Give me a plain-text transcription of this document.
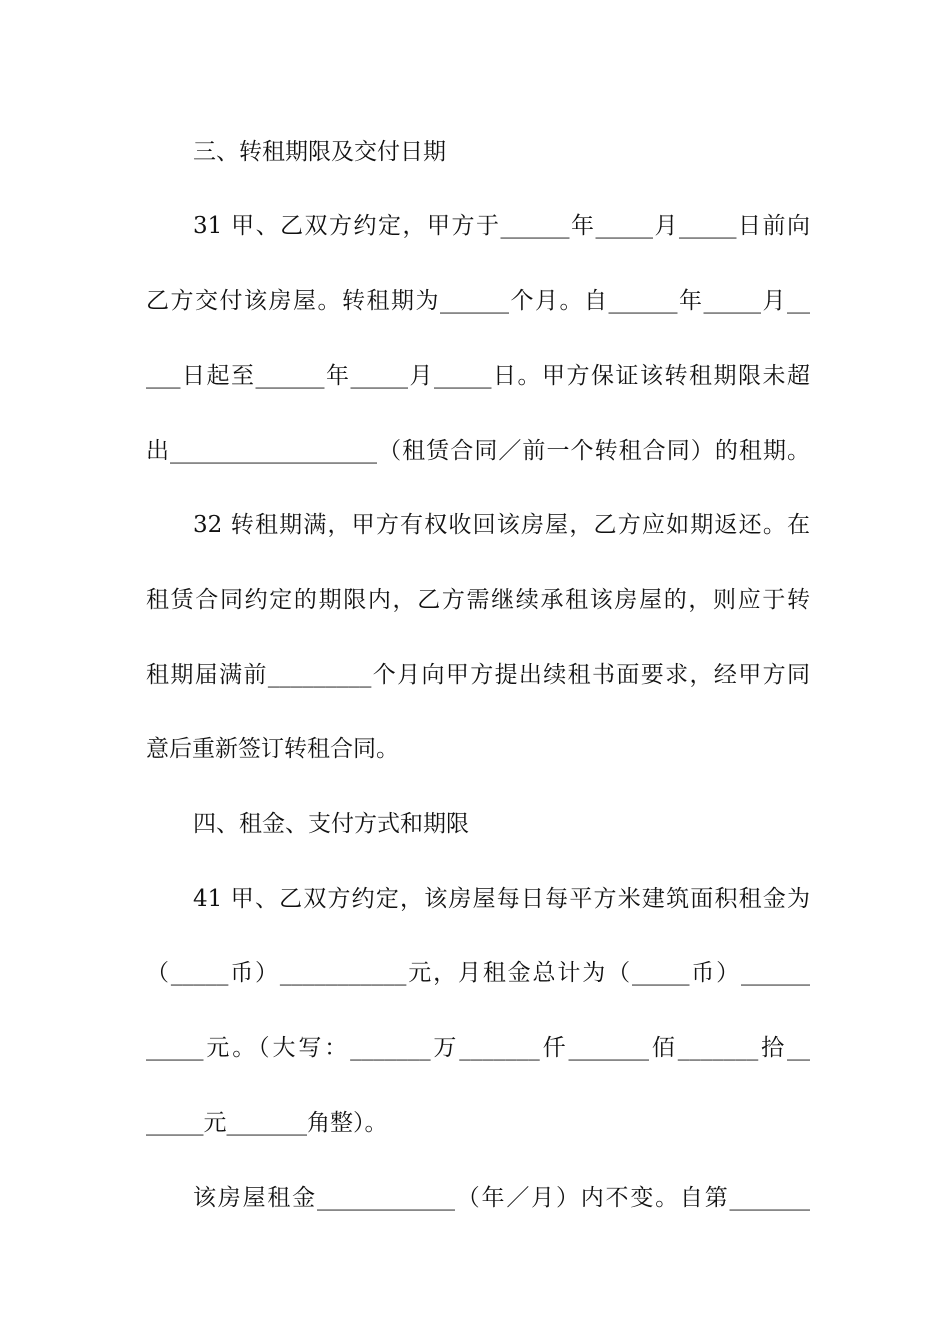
三、转租期限及交付日期
31 甲、乙双方约定，甲方于______年_____月_____日前向
乙方交付该房屋。转租期为______个月。自______年_____月__
___日起至______年_____月_____日。甲方保证该转租期限未超
出__________________（租赁合同／前一个转租合同）的租期。
32 转租期满，甲方有权收回该房屋，乙方应如期返还。在
租赁合同约定的期限内，乙方需继续承租该房屋的，则应于转
租期届满前_________个月向甲方提出续租书面要求，经甲方同
意后重新签订转租合同。
四、租金、支付方式和期限
41 甲、乙双方约定，该房屋每日每平方米建筑面积租金为
（_____币）___________元，月租金总计为（_____币）______
_____元。（大写：_______万_______仟_______佰_______拾__
_____元_______角整）。
该房屋租金____________（年／月）内不变。自第_______
